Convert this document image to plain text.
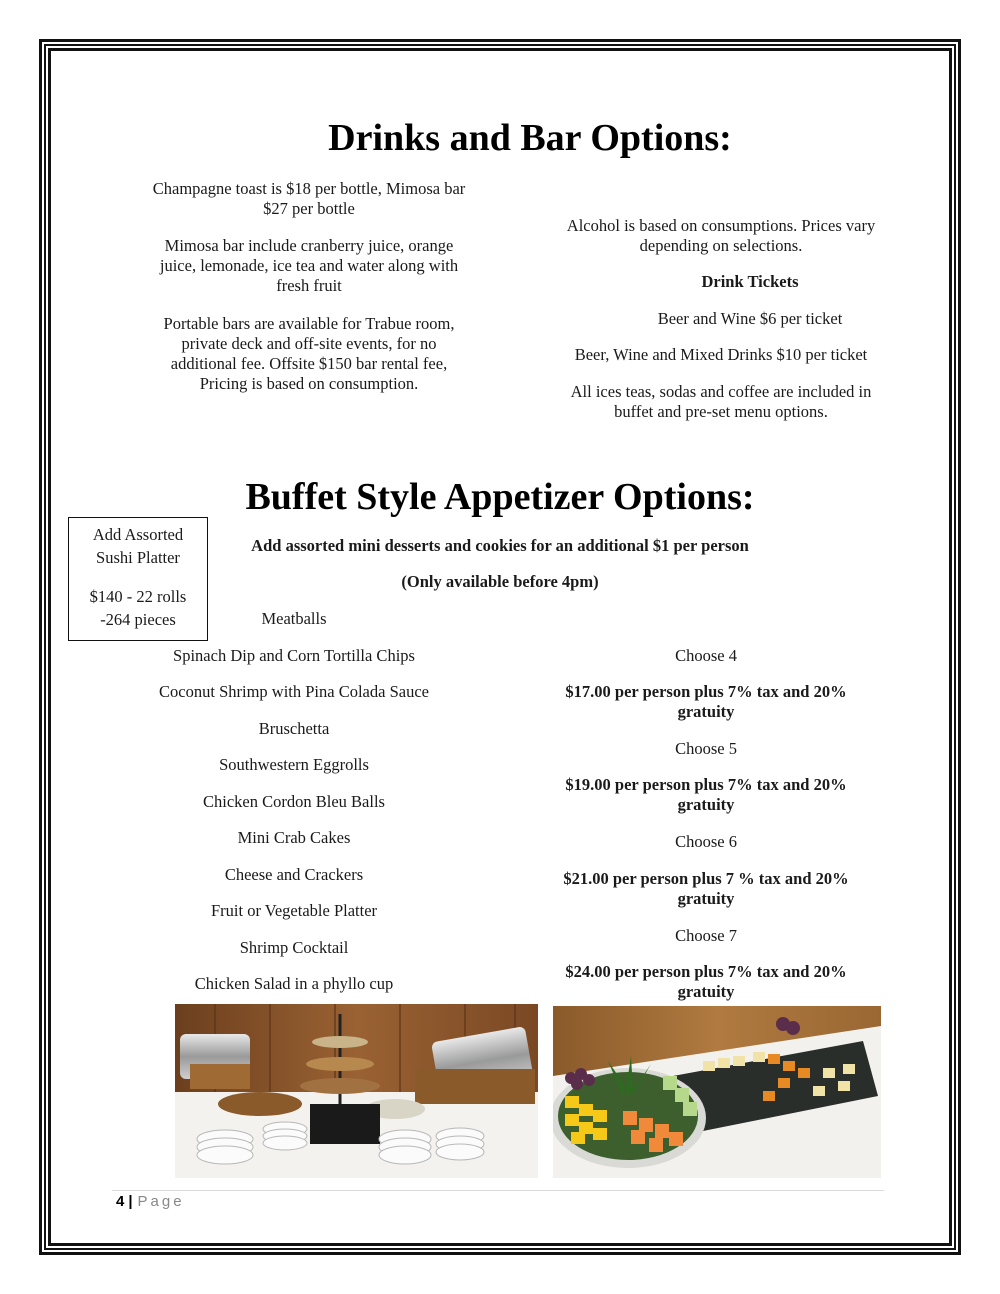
Drinks and Bar Options:
Champagne toast is $18 per bottle, Mimosa bar $27 per bottle
Mimosa bar include cranberry juice, orange juice, lemonade, ice tea and water along with fresh fruit
Portable bars are available for Trabue room, private deck and off-site events, for no additional fee. Offsite $150 bar rental fee, Pricing is based on consumption.
Alcohol is based on consumptions. Prices vary depending on selections.
Drink Tickets
Beer and Wine $6 per ticket
Beer, Wine and Mixed Drinks $10 per ticket
All ices teas, sodas and coffee are included in buffet and pre-set menu options.
Buffet Style Appetizer Options:
Add Assorted
Sushi Platter
$140 - 22 rolls
-264 pieces
Add assorted mini desserts and cookies for an additional $1 per person
(Only available before 4pm)
Meatballs
Spinach Dip and Corn Tortilla Chips
Coconut Shrimp with Pina Colada Sauce
Bruschetta
Southwestern Eggrolls
Chicken Cordon Bleu Balls
Mini Crab Cakes
Cheese and Crackers
Fruit or Vegetable Platter
Shrimp Cocktail
Chicken Salad in a phyllo cup
Choose 4
$17.00 per person plus 7% tax and 20% gratuity
Choose 5
$19.00 per person plus 7% tax and 20% gratuity
Choose 6
$21.00 per person plus 7 % tax and 20% gratuity
Choose 7
$24.00 per person plus 7% tax and 20% gratuity
4 | Page
